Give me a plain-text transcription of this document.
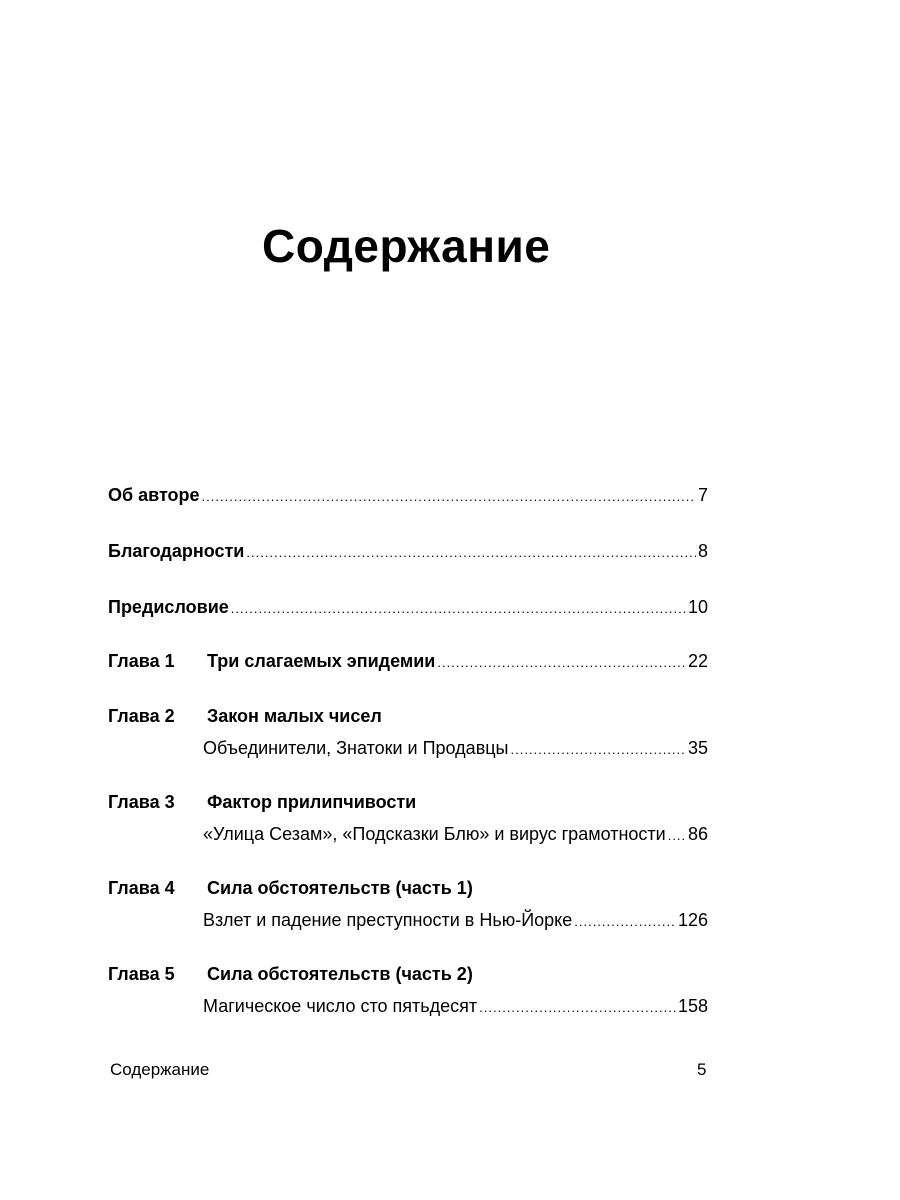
Содержание
Об авторе .....	7
Благодарности .....	8
Предисловие .....	10
Глава 1	Три слагаемых эпидемии .....	22
Глава 2	Закон малых чисел
Объединители, Знатоки и Продавцы .....	35
Глава 3	Фактор прилипчивости
«Улица Сезам», «Подсказки Блю» и вирус грамотности ..... 86
Глава 4	Сила обстоятельств (часть 1)
Взлет и падение преступности в Нью-Йорке .....	126
Глава 5	Сила обстоятельств (часть 2)
Магическое число сто пятьдесят .....	158
Содержание	5
